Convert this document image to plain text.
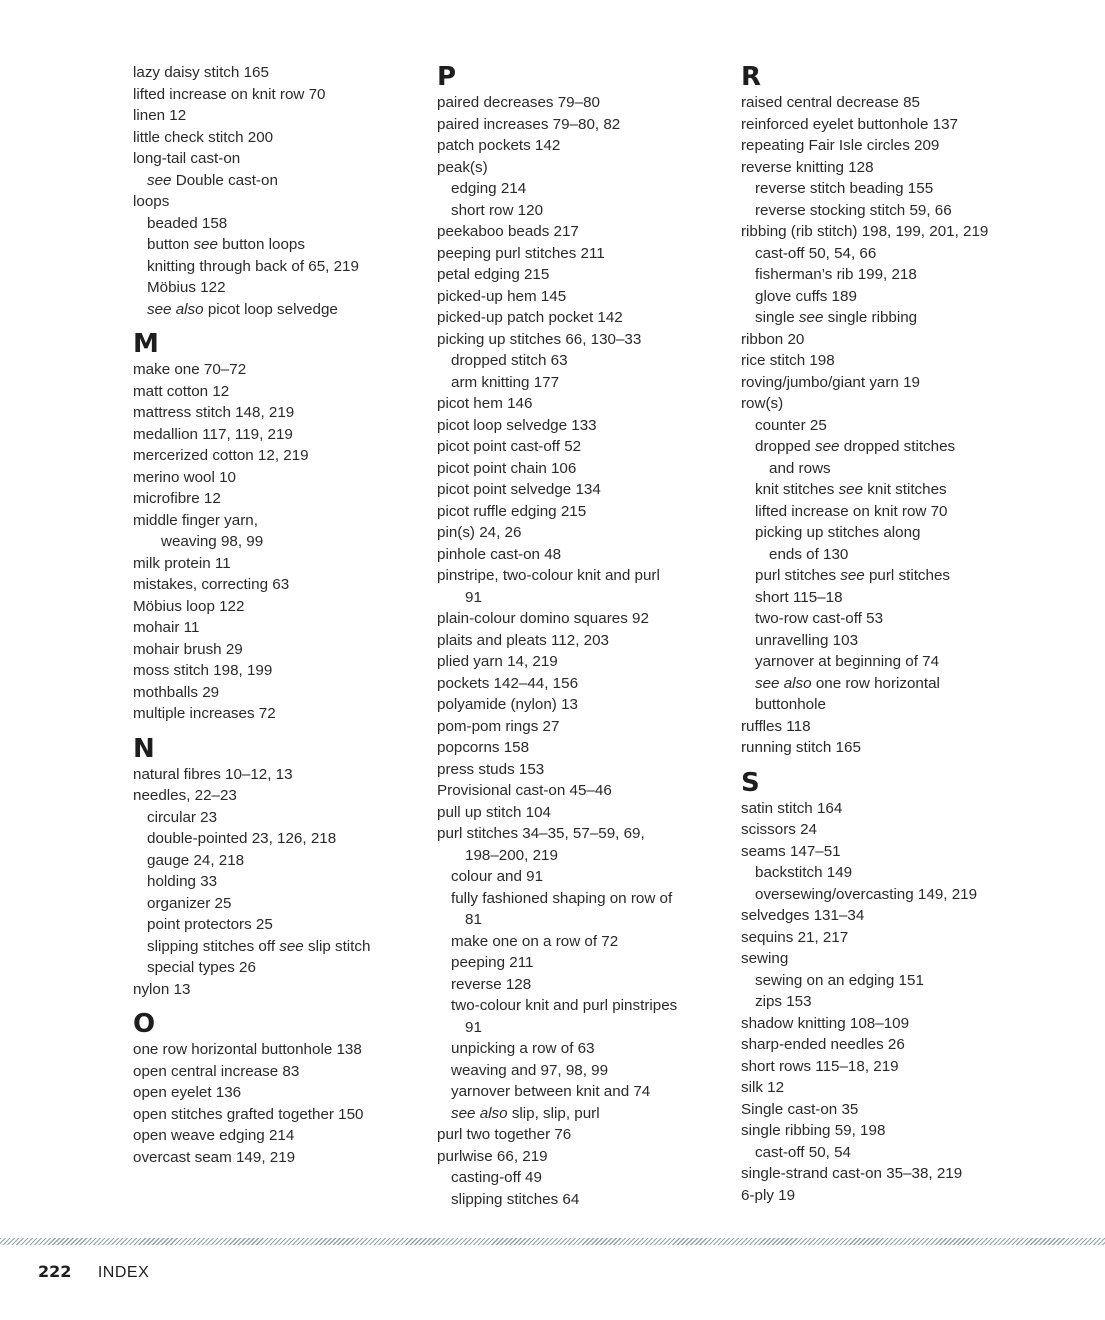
lazy daisy stitch 165
lifted increase on knit row 70
linen 12
little check stitch 200
long-tail cast-on
see Double cast-on
loops
beaded 158
button see button loops
knitting through back of 65, 219
Möbius 122
see also picot loop selvedge
M
make one 70–72
matt cotton 12
mattress stitch 148, 219
medallion 117, 119, 219
mercerized cotton 12, 219
merino wool 10
microfibre 12
middle finger yarn,
weaving 98, 99
milk protein 11
mistakes, correcting 63
Möbius loop 122
mohair 11
mohair brush 29
moss stitch 198, 199
mothballs 29
multiple increases 72
N
natural fibres 10–12, 13
needles, 22–23
circular 23
double-pointed 23, 126, 218
gauge 24, 218
holding 33
organizer 25
point protectors 25
slipping stitches off see slip stitch
special types 26
nylon 13
O
one row horizontal buttonhole 138
open central increase 83
open eyelet 136
open stitches grafted together 150
open weave edging 214
overcast seam 149, 219
P
paired decreases 79–80
paired increases 79–80, 82
patch pockets 142
peak(s)
edging 214
short row 120
peekaboo beads 217
peeping purl stitches 211
petal edging 215
picked-up hem 145
picked-up patch pocket 142
picking up stitches 66, 130–33
dropped stitch 63
arm knitting 177
picot hem 146
picot loop selvedge 133
picot point cast-off 52
picot point chain 106
picot point selvedge 134
picot ruffle edging 215
pin(s) 24, 26
pinhole cast-on 48
pinstripe, two-colour knit and purl
91
plain-colour domino squares 92
plaits and pleats 112, 203
plied yarn 14, 219
pockets 142–44, 156
polyamide (nylon) 13
pom-pom rings 27
popcorns 158
press studs 153
Provisional cast-on 45–46
pull up stitch 104
purl stitches 34–35, 57–59, 69,
198–200, 219
colour and 91
fully fashioned shaping on row of
81
make one on a row of 72
peeping 211
reverse 128
two-colour knit and purl pinstripes
91
unpicking a row of 63
weaving and 97, 98, 99
yarnover between knit and 74
see also slip, slip, purl
purl two together 76
purlwise 66, 219
casting-off 49
slipping stitches 64
R
raised central decrease 85
reinforced eyelet buttonhole 137
repeating Fair Isle circles 209
reverse knitting 128
reverse stitch beading 155
reverse stocking stitch 59, 66
ribbing (rib stitch) 198, 199, 201, 219
cast-off 50, 54, 66
fisherman’s rib 199, 218
glove cuffs 189
single see single ribbing
ribbon 20
rice stitch 198
roving/jumbo/giant yarn 19
row(s)
counter 25
dropped see dropped stitches
and rows
knit stitches see knit stitches
lifted increase on knit row 70
picking up stitches along
ends of 130
purl stitches see purl stitches
short 115–18
two-row cast-off 53
unravelling 103
yarnover at beginning of 74
see also one row horizontal
buttonhole
ruffles 118
running stitch 165
S
satin stitch 164
scissors 24
seams 147–51
backstitch 149
oversewing/overcasting 149, 219
selvedges 131–34
sequins 21, 217
sewing
sewing on an edging 151
zips 153
shadow knitting 108–109
sharp-ended needles 26
short rows 115–18, 219
silk 12
Single cast-on 35
single ribbing 59, 198
cast-off 50, 54
single-strand cast-on 35–38, 219
6-ply 19
222 INDEX
